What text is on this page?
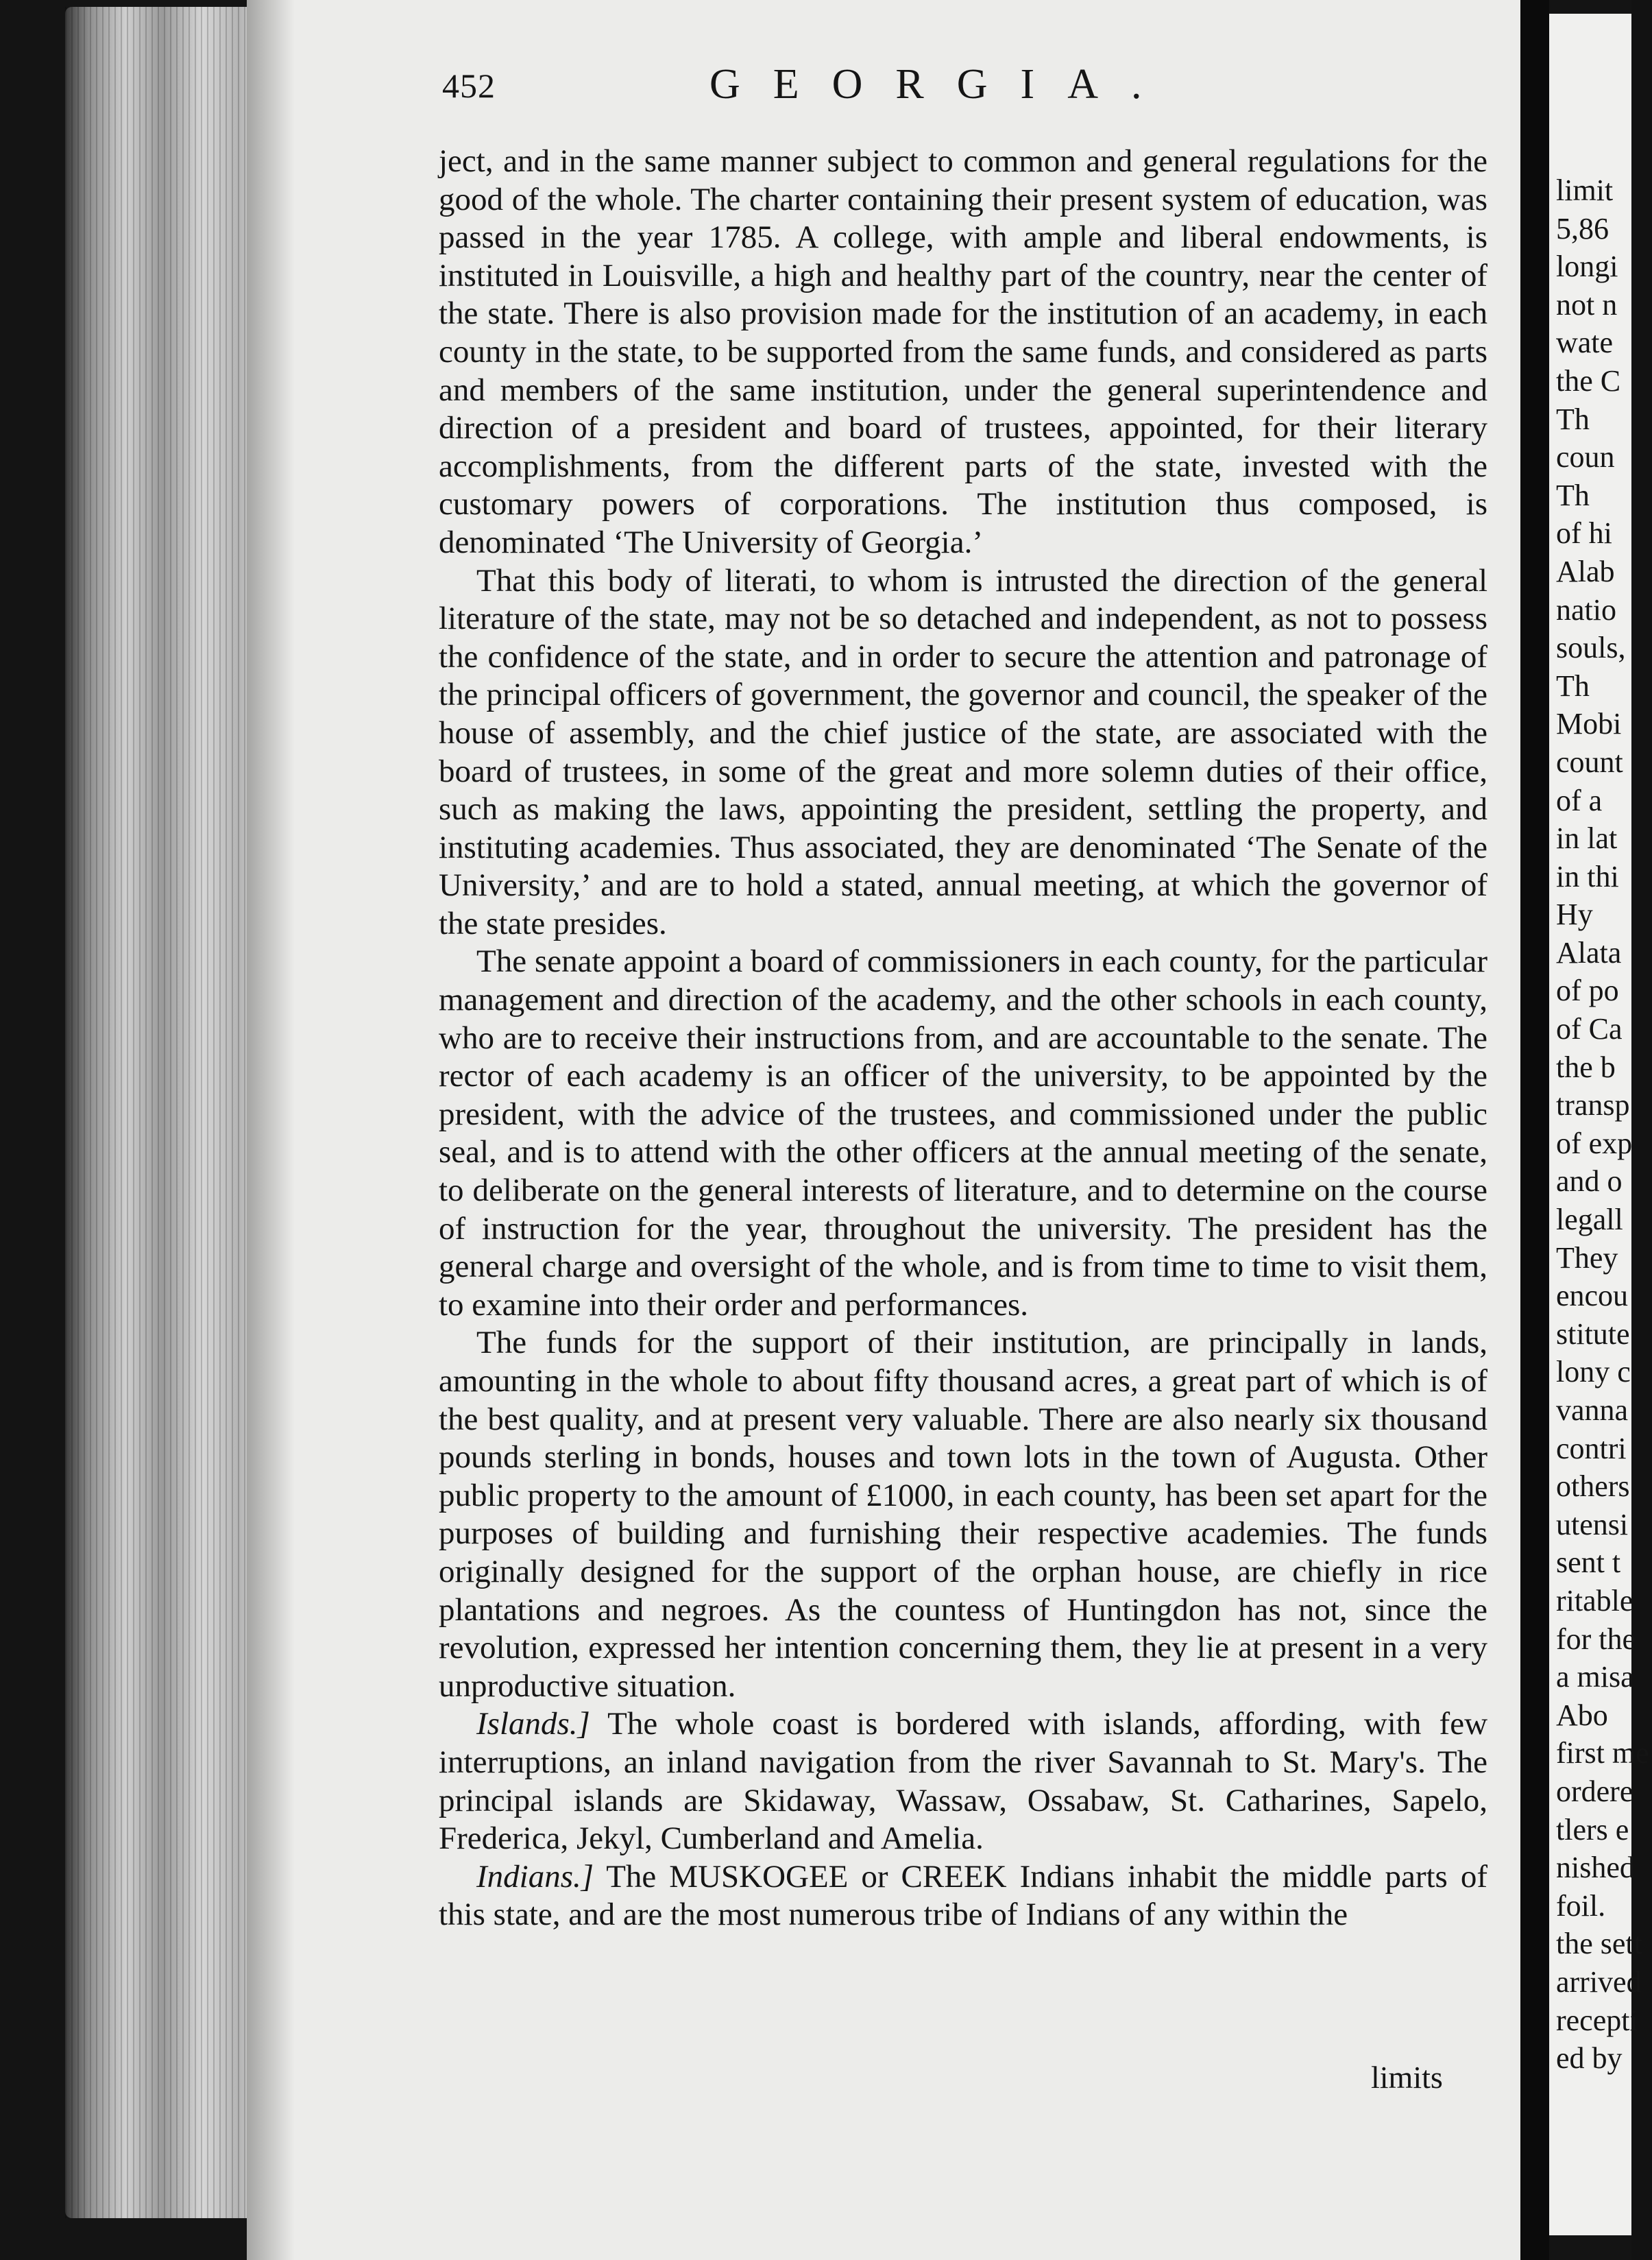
452	GEORGIA.

ject, and in the same manner subject to common and general regulations for the good of the whole. The charter containing their present system of education, was passed in the year 1785. A college, with ample and liberal endowments, is instituted in Louisville, a high and healthy part of the country, near the center of the state. There is also provision made for the institution of an academy, in each county in the state, to be supported from the same funds, and considered as parts and members of the same institution, under the general superintendence and direction of a president and board of trustees, appointed, for their literary accomplishments, from the different parts of the state, invested with the customary powers of corporations. The institution thus composed, is denominated ‘The University of Georgia.’

That this body of literati, to whom is intrusted the direction of the general literature of the state, may not be so detached and independent, as not to possess the confidence of the state, and in order to secure the attention and patronage of the principal officers of government, the governor and council, the speaker of the house of assembly, and the chief justice of the state, are associated with the board of trustees, in some of the great and more solemn duties of their office, such as making the laws, appointing the president, settling the property, and instituting academies. Thus associated, they are denominated ‘The Senate of the University,’ and are to hold a stated, annual meeting, at which the governor of the state presides.

The senate appoint a board of commissioners in each county, for the particular management and direction of the academy, and the other schools in each county, who are to receive their instructions from, and are accountable to the senate. The rector of each academy is an officer of the university, to be appointed by the president, with the advice of the trustees, and commissioned under the public seal, and is to attend with the other officers at the annual meeting of the senate, to deliberate on the general interests of literature, and to determine on the course of instruction for the year, throughout the university. The president has the general charge and oversight of the whole, and is from time to time to visit them, to examine into their order and performances.

The funds for the support of their institution, are principally in lands, amounting in the whole to about fifty thousand acres, a great part of which is of the best quality, and at present very valuable. There are also nearly six thousand pounds sterling in bonds, houses and town lots in the town of Augusta. Other public property to the amount of £1000, in each county, has been set apart for the purposes of building and furnishing their respective academies. The funds originally designed for the support of the orphan house, are chiefly in rice plantations and negroes. As the countess of Huntingdon has not, since the revolution, expressed her intention concerning them, they lie at present in a very unproductive situation.

Islands.] The whole coast is bordered with islands, affording, with few interruptions, an inland navigation from the river Savannah to St. Mary's. The principal islands are Skidaway, Wassaw, Ossabaw, St. Catharines, Sapelo, Frederica, Jekyl, Cumberland and Amelia.

Indians.] The MUSKOGEE or CREEK Indians inhabit the middle parts of this state, and are the most numerous tribe of Indians of any within the

limits
limit
5,86
longi
not n
wate
the C
Th
coun
Th
of hi
Alab
natio
souls,
Th
Mobi
count
of a
in lat
in thi
Hy
Alata
of po
of Ca
the b
transp
of exp
and o
legall
They
encou
stitute
lony c
vanna
contri
others
utensi
sent t
ritable
for the
a misa
Abo
first me
ordere
tlers e
nished
foil.
the sett
arrived
recepti
ed by
